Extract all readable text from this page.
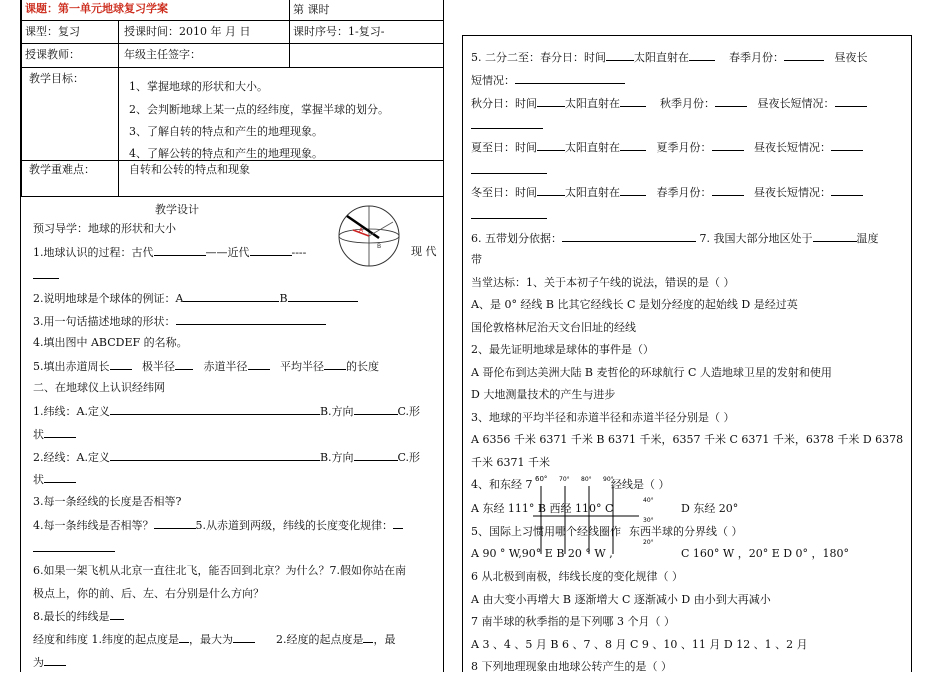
课题：第一单元地球复习学案	第 课时
课型：复习	授课时间：2010 年 月 日	课时序号：1-复习-
授课教师：	年级主任签字：
教学目标：
1、掌握地球的形状和大小。
2、会判断地球上某一点的经纬度，掌握半球的划分。
3、了解自转的特点和产生的地理现象。
4、了解公转的特点和产生的地理现象。
教学重难点：	自转和公转的特点和现象
教学设计
A
B
预习导学：地球的形状和大小
1.地球认识的过程：古代	——近代	----	现 代
2.说明地球是个球体的例证：A	B
3.用一句话描述地球的形状：
4.填出图中 ABCDEF 的名称。
5.填出赤道周长	极半径	赤道半径	平均半径 的长度
二、在地球仪上认识经纬网
1.纬线：A.定义	B.方向	C.形
状
2.经线：A.定义	B.方向	C.形
状
3.每一条经线的长度是否相等?
4.每一条纬线是否相等？	5.从赤道到两级，纬线的长度变化规律：
6.如果一架飞机从北京一直往北飞，能否回到北京？为什么？7.假如你站在南
极点上，你的前、后、左、右分别是什么方向？
8.最长的纬线是
经度和纬度 1.纬度的起点度是 ，最大为	2.经度的起点度是 ，最
为
5. 二分二至：春分日：时间	太阳直射在	春季月份：	昼夜长
短情况：
秋分日：时间	太阳直射在	秋季月份：	昼夜长短情况：
夏至日：时间	太阳直射在	夏季月份：	昼夜长短情况：
冬至日：时间	太阳直射在	春季月份：	昼夜长短情况：
6. 五带划分依据：	7. 我国大部分地区处于	温度
带
当堂达标：1、关于本初子午线的说法，错误的是（ ）
A、是 0° 经线 B 比其它经线长 C 是划分经度的起始线 D 是经过英
国伦敦格林尼治天文台旧址的经线
2、最先证明地球是球体的事件是（）
A 哥伦布到达美洲大陆 B 麦哲伦的环球航行 C 人造地球卫星的发射和使用
D 大地测量技术的产生与进步
3、地球的平均半径和赤道半径和赤道半径分别是（ ）
A 6356 千米 6371 千米 B 6371 千米，6357 千米 C 6371 千米，6378 千米 D 6378
千米 6371 千米
60° 70° 80° 90°
40°
30°
20°
4、和东经 7	经线是（ ）
A 东经 111° B 西经 110° C	D 东经 20°
5、国际上习惯用哪个经线圈作 东西半球的分界线（ ）
A 90 ° W,90° E B 20 ° W ,	C 160° W ，20° E D 0° ，180°
6 从北极到南极，纬线长度的变化规律（ ）
A 由大变小再增大 B 逐渐增大 C 逐渐减小 D 由小到大再减小
7 南半球的秋季指的是下列哪 3 个月（ ）
A 3 、4 、5 月 B 6 、7 、8 月 C 9 、10 、11 月 D 12 、1 、2 月
8 下列地理现象由地球公转产生的是（ ）
